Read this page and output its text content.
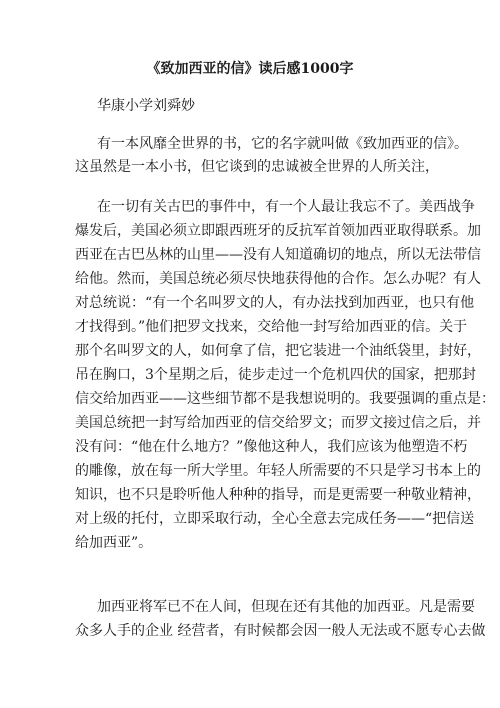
《致加西亚的信》读后感1000字
华康小学刘舜妙
有一本风靡全世界的书，它的名字就叫做《致加西亚的信》。
这虽然是一本小书，但它谈到的忠诚被全世界的人所关注，
在一切有关古巴的事件中，有一个人最让我忘不了。美西战争
爆发后，美国必须立即跟西班牙的反抗军首领加西亚取得联系。加
西亚在古巴丛林的山里——没有人知道确切的地点，所以无法带信
给他。然而，美国总统必须尽快地获得他的合作。怎么办呢？有人
对总统说：“有一个名叫罗文的人，有办法找到加西亚，也只有他
才找得到。”他们把罗文找来，交给他一封写给加西亚的信。关于
那个名叫罗文的人，如何拿了信，把它装进一个油纸袋里，封好，
吊在胸口，3个星期之后，徒步走过一个危机四伏的国家，把那封
信交给加西亚——这些细节都不是我想说明的。我要强调的重点是：
美国总统把一封写给加西亚的信交给罗文；而罗文接过信之后，并
没有问：“他在什么地方？”像他这种人，我们应该为他塑造不朽
的雕像，放在每一所大学里。年轻人所需要的不只是学习书本上的
知识，也不只是聆听他人种种的指导，而是更需要一种敬业精神，
对上级的托付，立即采取行动，全心全意去完成任务——“把信送
给加西亚”。
加西亚将军已不在人间，但现在还有其他的加西亚。凡是需要
众多人手的企业 经营者，有时候都会因一般人无法或不愿专心去做
